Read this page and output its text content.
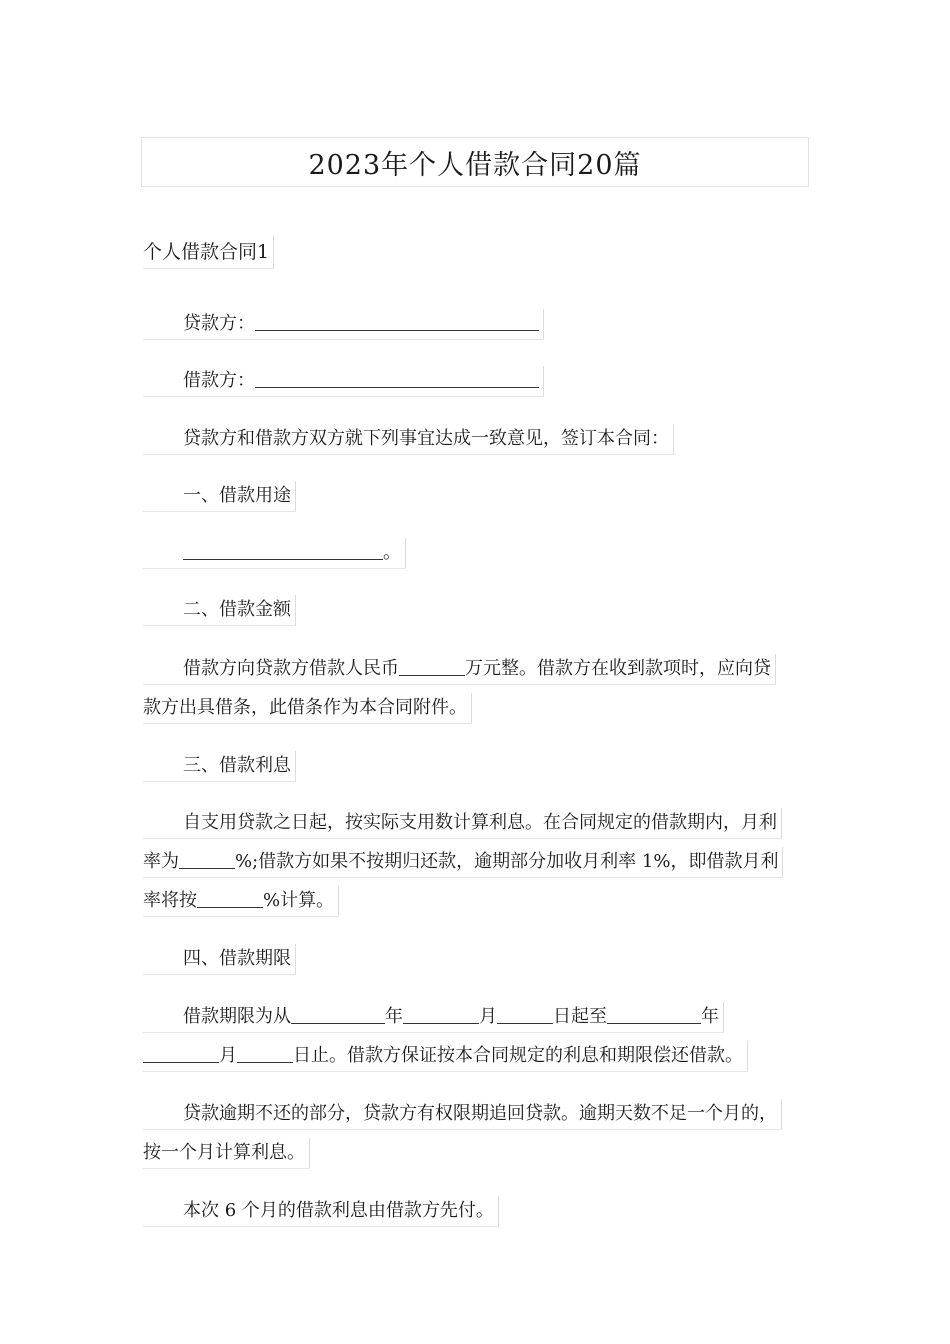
2023年个人借款合同20篇
个人借款合同1
贷款方：
借款方：
贷款方和借款方双方就下列事宜达成一致意见，签订本合同：
一、借款用途
。
二、借款金额
借款方向贷款方借款人民币	万元整。借款方在收到款项时，应向贷
款方出具借条，此借条作为本合同附件。
三、借款利息
自支用贷款之日起，按实际支用数计算利息。在合同规定的借款期内，月利
率为	%;借款方如果不按期归还款，逾期部分加收月利率 1%，即借款月利
率将按	%计算。
四、借款期限
借款期限为从	年	月	日起至	年
月	日止。借款方保证按本合同规定的利息和期限偿还借款。
贷款逾期不还的部分，贷款方有权限期追回贷款。逾期天数不足一个月的，
按一个月计算利息。
本次 6 个月的借款利息由借款方先付。
